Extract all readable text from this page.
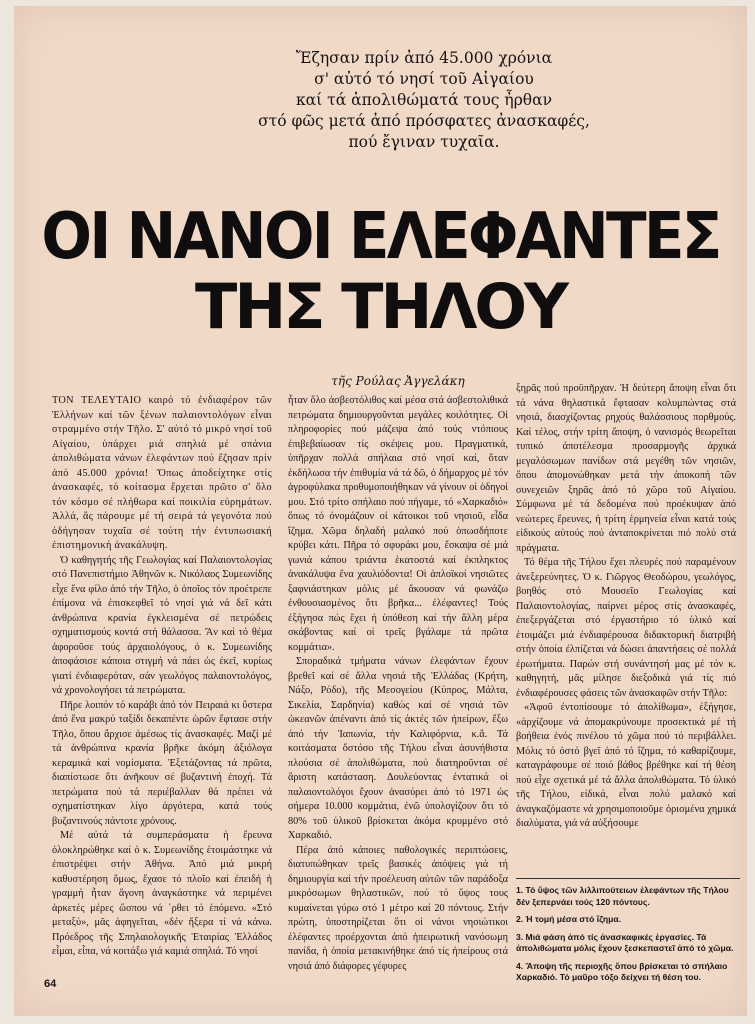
Ἔζησαν πρίν ἀπό 45.000 χρόνια
σ' αὐτό τό νησί τοῦ Αἰγαίου
καί τά ἀπολιθώματά τους ἦρθαν
στό φῶς μετά ἀπό πρόσφατες ἀνασκαφές,
πού ἔγιναν τυχαῖα.
ΟΙ ΝΑΝΟΙ ΕΛΕΦΑΝΤΕΣ
ΤΗΣ ΤΗΛΟΥ
τῆς Ρούλας Ἀγγελάκη

ΤΟΝ ΤΕΛΕΥΤΑΙΟ καιρό τό ἐνδιαφέρον τῶν Ἑλλήνων καί τῶν ξένων παλαιοντολόγων εἶναι στραμμένο στήν Τῆλο. Σ' αὐτό τό μικρό νησί τοῦ Αἰγαίου, ὑπάρχει μιά σπηλιά μέ σπάνια ἀπολιθώματα νάνων ἐλεφάντων πού ἔζησαν πρίν ἀπό 45.000 χρόνια! Ὅπως ἀποδείχτηκε στίς ἀνασκαφές, τό κοίτασμα ἔρχεται πρῶτο σ' ὅλο τόν κόσμο σέ πλήθωρα καί ποικιλία εὑρημάτων. Ἀλλά, ἄς πάρουμε μέ τή σειρά τά γεγονότα πού ὁδήγησαν τυχαῖα σέ τούτη τήν ἐντυπωσιακή ἐπιστημονική ἀνακάλυψη.

Ὁ καθηγητής τῆς Γεωλογίας καί Παλαιοντολογίας στό Πανεπιστήμιο Ἀθηνῶν κ. Νικόλαος Συμεωνίδης εἶχε ἕνα φίλο ἀπό τήν Τῆλο, ὁ ὁποῖος τόν προέτρεπε ἐπίμονα νά ἐπισκεφθεῖ τό νησί γιά νά δεῖ κάτι ἀνθρώπινα κρανία ἐγκλεισμένα σέ πετρώδεις σχηματισμούς κοντά στή θάλασσα. Ἄν καί τό θέμα ἀφοροῦσε τούς ἀρχαιολόγους, ὁ κ. Συμεωνίδης ἀποφάσισε κάποια στιγμή νά πάει ὡς ἐκεῖ, κυρίως γιατί ἐνδιαφερόταν, σάν γεωλόγος παλαιοντολόγος, νά χρονολογήσει τά πετρώματα.

Πῆρε λοιπόν τό καράβι ἀπό τόν Πειραιά κι ὕστερα ἀπό ἕνα μακρύ ταξίδι δεκαπέντε ὡρῶν ἔφτασε στήν Τῆλο, ὅπου ἄρχισε ἀμέσως τίς ἀνασκαφές. Μαζί μέ τά ἀνθρώπινα κρανία βρῆκε ἀκόμη ἀξιόλογα κεραμικά καί νομίσματα. Ἐξετάζοντας τά πρῶτα, διαπίστωσε ὅτι ἀνῆκουν σέ βυζαντινή ἐποχή. Τά πετρώματα πού τά περιέβαλλαν θά πρέπει νά σχηματίστηκαν λίγο ἀργότερα, κατά τούς βυζαντινούς πάντοτε χρόνους.

Μέ αὐτά τά συμπεράσματα ἡ ἔρευνα ὁλοκληρώθηκε καί ὁ κ. Συμεωνίδης ἑτοιμάστηκε νά ἐπιστρέψει στήν Ἀθήνα. Ἀπό μιά μικρή καθυστέρηση ὅμως, ἔχασε τό πλοῖο καί ἐπειδή ἡ γραμμή ἦταν ἄγονη ἀναγκάστηκε νά περιμένει ἀρκετές μέρες ὥσπου νά ῾ρθει τό ἑπόμενο. «Στό μεταξύ», μᾶς ἀφηγεῖται, «δέν ἤξερα τί νά κάνω. Πρόεδρος τῆς Σπηλαιολογικῆς Ἑταιρίας Ἑλλάδος εἶμαι, εἶπα, νά κοιτάξω γιά καμιά σπηλιά. Τό νησί

ἦταν ὅλο ἀσβεστόλιθος καί μέσα στά ἀσβεστολιθικά πετρώματα δημιουργοῦνται μεγάλες κοιλότητες. Οἱ πληροφορίες πού μάζεψα ἀπό τούς ντόπιους ἐπιβεβαίωσαν τίς σκέψεις μου. Πραγματικά, ὑπῆρχαν πολλά σπήλαια στό νησί καί, ὅταν ἐκδήλωσα τήν ἐπιθυμία νά τά δῶ, ὁ δήμαρχος μέ τόν ἀγροφύλακα προθυμοποιήθηκαν νά γίνουν οἱ ὁδηγοί μου. Στό τρίτο σπήλαιο πού πήγαμε, τό «Χαρκαδιό» ὅπως τό ὀνομάζουν οἱ κάτοικοι τοῦ νησιοῦ, εἶδα ἴζημα. Χῶμα δηλαδή μαλακό πού ὁπωσδήποτε κρύβει κάτι. Πῆρα τό σφυράκι μου, ἔσκαψα σέ μιά γωνιά κάπου τριάντα ἑκατοστά καί ἐκπληκτος ἀνακάλυψα ἕνα χαυλιόδοντα! Οἱ ἀπλοϊκοί νησιῶτες ξαφνιάστηκαν μόλις μέ ἄκουσαν νά φωνάζω ἐνθουσιασμένος ὅτι βρῆκα... ἐλέφαντες! Τούς ἐξήγησα πώς ἔχει ἡ ὑπόθεση καί τήν ἄλλη μέρα σκάβοντας καί οἱ τρεῖς βγάλαμε τά πρῶτα κομμάτια».

Σποραδικά τμήματα νάνων ἐλεφάντων ἔχουν βρεθεῖ καί σέ ἄλλα νησιά τῆς Ἑλλάδας (Κρήτη, Νάξο, Ρόδο), τῆς Μεσογείου (Κύπρος, Μάλτα, Σικελία, Σαρδηνία) καθώς καί σέ νησιά τῶν ὠκεανῶν ἀπέναντι ἀπό τίς ἀκτές τῶν ἠπείρων, ἔξω ἀπό τήν Ἰαπωνία, τήν Καλιφόρνια, κ.ἄ. Τά κοιτάσματα ὅστόσο τῆς Τήλου εἶναι ἀσυνήθιστα πλούσια σέ ἀπολιθώματα, πού διατηροῦνται σέ ἄριστη κατάσταση. Δουλεύοντας ἐντατικά οἱ παλαιοντολόγοι ἔχουν ἀνασύρει ἀπό τό 1971 ὡς σήμερα 10.000 κομμάτια, ἐνῶ ὑπολογίζουν ὅτι τό 80% τοῦ ὑλικοῦ βρίσκεται ἀκόμα κρυμμένο στό Χαρκαδιό.

Πέρα ἀπό κάποιες παθολογικές περιπτώσεις, διατυπώθηκαν τρεῖς βασικές ἀπόψεις γιά τή δημιουργία καί τήν προέλευση αὐτῶν τῶν παράδοξα μικρόσωμων θηλαστικῶν, πού τό ὕψος τους κυμαίνεται γύρω στό 1 μέτρο καί 20 πόντους. Στήν πρώτη, ὑποστηρίζεται ὅτι οἱ νάνοι νησιώτικοι ἐλέφαντες προέρχονται ἀπό ἠπειρωτική νανόσωμη πανίδα, ἡ ὁποία μετακινήθηκε ἀπό τίς ἠπείρους στά νησιά ἀπό διάφορες γέφυρες

ξηρᾶς πού προϋπῆρχαν. Ἡ δεύτερη ἄποψη εἶναι ὅτι τά νάνα θηλαστικά ἔφτασαν κολυμπώντας στά νησιά, διασχίζοντας ρηχούς θαλάσσιους πορθμούς. Καί τέλος, στήν τρίτη ἄποψη, ὁ νανισμός θεωρεῖται τυπικό ἀποτέλεσμα προσαρμογῆς ἀρχικά μεγαλόσωμων πανίδων στά μεγέθη τῶν νησιῶν, ὅπου ἀπομονώθηκαν μετά τήν ἀποκοπή τῶν συνεχειῶν ξηρᾶς ἀπό τό χῶρο τοῦ Αἰγαίου. Σύμφωνα μέ τά δεδομένα πού προέκυψαν ἀπό νεώτερες ἔρευνες, ἡ τρίτη ἑρμηνεία εἶναι κατά τούς εἰδικούς αὐτούς πού ἀνταποκρίνεται πιό πολύ στά πράγματα.

Τό θέμα τῆς Τήλου ἔχει πλευρές πού παραμένουν ἀνεξερεύνητες. Ὁ κ. Γιῶργος Θεοδώρου, γεωλόγος, βοηθός στό Μουσεῖο Γεωλογίας καί Παλαιοντολογίας, παίρνει μέρος στίς ἀνασκαφές, ἐπεξεργάζεται στό ἐργαστήριο τό ὑλικό καί ἑτοιμάζει μιά ἐνδιαφέρουσα διδακτορική διατριβή στήν ὁποία ἐλπίζεται νά δώσει ἀπαντήσεις σέ πολλά ἐρωτήματα. Παρών στή συνάντησή μας μέ τόν κ. καθηγητή, μᾶς μίλησε διεξοδικά γιά τίς πιό ἐνδιαφέρουσες φάσεις τῶν ἀνασκαφῶν στήν Τῆλο:

«Ἀφοῦ ἐντοπίσουμε τό ἀπολίθωμα», ἐξήγησε, «ἀρχίζουμε νά ἀπομακρύνουμε προσεκτικά μέ τή βοήθεια ἑνός πινέλου τό χῶμα πού τό περιβάλλει. Μόλις τό ὀστό βγεῖ ἀπό τό ἴζημα, τό καθαρίζουμε, καταγράφουμε σέ ποιό βάθος βρέθηκε καί τή θέση πού εἶχε σχετικά μέ τά ἄλλα ἀπολιθώματα. Τό ὑλικό τῆς Τήλου, εἰδικά, εἶναι πολύ μαλακό καί ἀναγκαζόμαστε νά χρησιμοποιοῦμε ὁρισμένα χημικά διαλύματα, γιά νά αὐξήσουμε

1. Τό ὕψος τῶν λιλλιπούτειων ἐλεφάντων τῆς Τήλου δέν ξεπερνάει τούς 120 πόντους.

2. Ἡ τομή μέσα στό ἴζημα.

3. Μιά φάση ἀπό τίς ἀνασκαφικές ἐργασίες. Τά ἀπολιθώματα μόλις ἔχουν ξεσκεπαστεῖ ἀπό τό χῶμα.

4. Ἄποψη τῆς περιοχῆς ὅπου βρίσκεται τό σπήλαιο Χαρκαδιό. Τό μαῦρο τόξο δείχνει τή θέση του.

64
